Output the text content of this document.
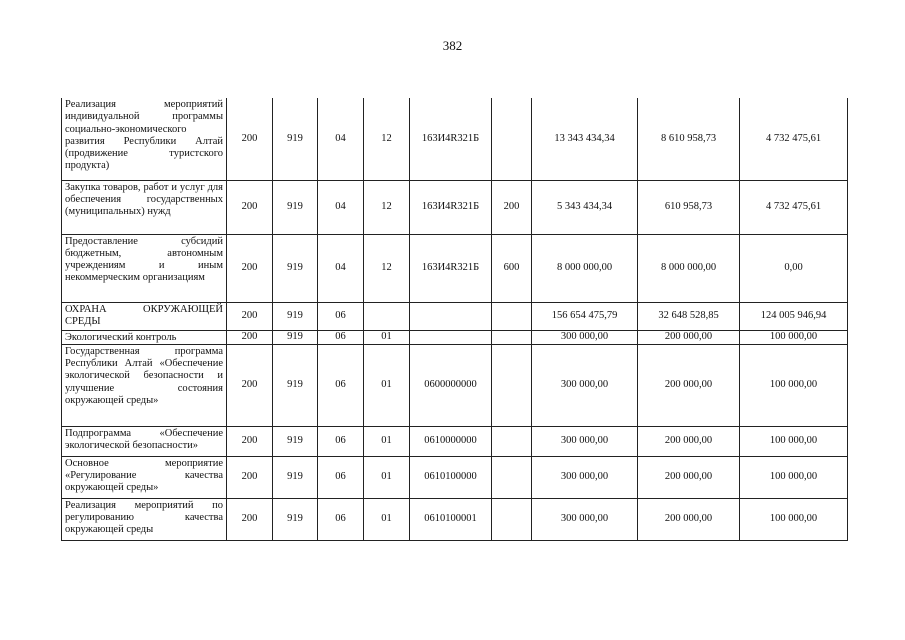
382
Реализация мероприятий индивидуальной программы социально-экономического развития Республики Алтай (продвижение туристского продукта)	200	919	04	12	163И4R321Б		13 343 434,34	8 610 958,73	4 732 475,61
Закупка товаров, работ и услуг для обеспечения государственных (муниципальных) нужд	200	919	04	12	163И4R321Б	200	5 343 434,34	610 958,73	4 732 475,61
Предоставление субсидий бюджетным, автономным учреждениям и иным некоммерческим организациям	200	919	04	12	163И4R321Б	600	8 000 000,00	8 000 000,00	0,00
ОХРАНА ОКРУЖАЮЩЕЙ СРЕДЫ	200	919	06				156 654 475,79	32 648 528,85	124 005 946,94
Экологический контроль	200	919	06	01			300 000,00	200 000,00	100 000,00
Государственная программа Республики Алтай «Обеспечение экологической безопасности и улучшение состояния окружающей среды»	200	919	06	01	0600000000		300 000,00	200 000,00	100 000,00
Подпрограмма «Обеспечение экологической безопасности»	200	919	06	01	0610000000		300 000,00	200 000,00	100 000,00
Основное мероприятие «Регулирование качества окружающей среды»	200	919	06	01	0610100000		300 000,00	200 000,00	100 000,00
Реализация мероприятий по регулированию качества окружающей среды	200	919	06	01	0610100001		300 000,00	200 000,00	100 000,00
